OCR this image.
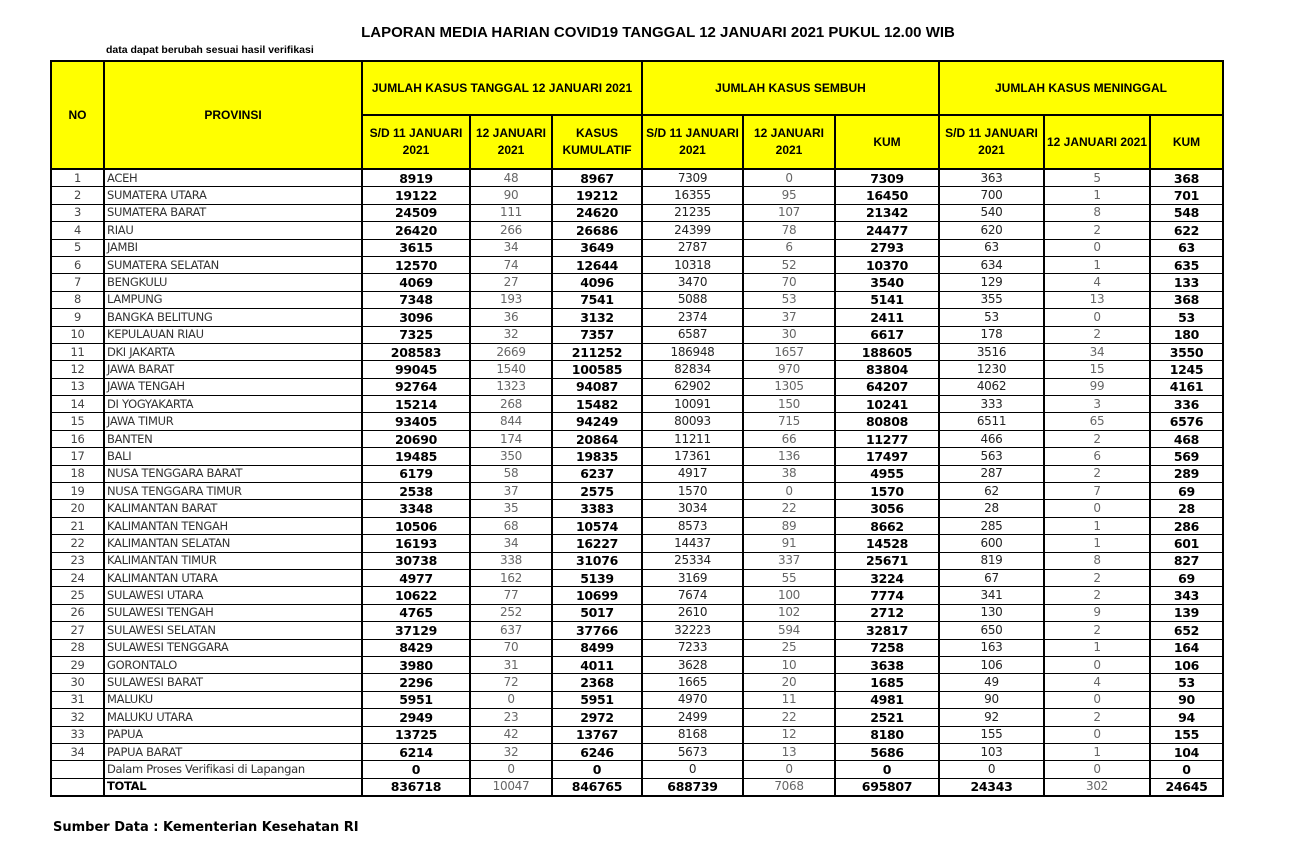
LAPORAN MEDIA HARIAN COVID19 TANGGAL 12 JANUARI 2021 PUKUL 12.00 WIB
data dapat berubah sesuai hasil verifikasi
NO	PROVINSI	JUMLAH KASUS TANGGAL 12 JANUARI 2021			JUMLAH KASUS SEMBUH			JUMLAH KASUS MENINGGAL		
		S/D 11 JANUARI 2021	12 JANUARI 2021	KASUS KUMULATIF	S/D 11 JANUARI 2021	12 JANUARI 2021	KUM	S/D 11 JANUARI 2021	12 JANUARI 2021	KUM
1	ACEH	8919	48	8967	7309	0	7309	363	5	368
2	SUMATERA UTARA	19122	90	19212	16355	95	16450	700	1	701
3	SUMATERA BARAT	24509	111	24620	21235	107	21342	540	8	548
4	RIAU	26420	266	26686	24399	78	24477	620	2	622
5	JAMBI	3615	34	3649	2787	6	2793	63	0	63
6	SUMATERA SELATAN	12570	74	12644	10318	52	10370	634	1	635
7	BENGKULU	4069	27	4096	3470	70	3540	129	4	133
8	LAMPUNG	7348	193	7541	5088	53	5141	355	13	368
9	BANGKA BELITUNG	3096	36	3132	2374	37	2411	53	0	53
10	KEPULAUAN RIAU	7325	32	7357	6587	30	6617	178	2	180
11	DKI JAKARTA	208583	2669	211252	186948	1657	188605	3516	34	3550
12	JAWA BARAT	99045	1540	100585	82834	970	83804	1230	15	1245
13	JAWA TENGAH	92764	1323	94087	62902	1305	64207	4062	99	4161
14	DI YOGYAKARTA	15214	268	15482	10091	150	10241	333	3	336
15	JAWA TIMUR	93405	844	94249	80093	715	80808	6511	65	6576
16	BANTEN	20690	174	20864	11211	66	11277	466	2	468
17	BALI	19485	350	19835	17361	136	17497	563	6	569
18	NUSA TENGGARA BARAT	6179	58	6237	4917	38	4955	287	2	289
19	NUSA TENGGARA TIMUR	2538	37	2575	1570	0	1570	62	7	69
20	KALIMANTAN BARAT	3348	35	3383	3034	22	3056	28	0	28
21	KALIMANTAN TENGAH	10506	68	10574	8573	89	8662	285	1	286
22	KALIMANTAN SELATAN	16193	34	16227	14437	91	14528	600	1	601
23	KALIMANTAN TIMUR	30738	338	31076	25334	337	25671	819	8	827
24	KALIMANTAN UTARA	4977	162	5139	3169	55	3224	67	2	69
25	SULAWESI UTARA	10622	77	10699	7674	100	7774	341	2	343
26	SULAWESI TENGAH	4765	252	5017	2610	102	2712	130	9	139
27	SULAWESI SELATAN	37129	637	37766	32223	594	32817	650	2	652
28	SULAWESI TENGGARA	8429	70	8499	7233	25	7258	163	1	164
29	GORONTALO	3980	31	4011	3628	10	3638	106	0	106
30	SULAWESI BARAT	2296	72	2368	1665	20	1685	49	4	53
31	MALUKU	5951	0	5951	4970	11	4981	90	0	90
32	MALUKU UTARA	2949	23	2972	2499	22	2521	92	2	94
33	PAPUA	13725	42	13767	8168	12	8180	155	0	155
34	PAPUA BARAT	6214	32	6246	5673	13	5686	103	1	104
	Dalam Proses Verifikasi di Lapangan	0	0	0	0	0	0	0	0	0
	TOTAL	836718	10047	846765	688739	7068	695807	24343	302	24645
Sumber Data : Kementerian Kesehatan RI
